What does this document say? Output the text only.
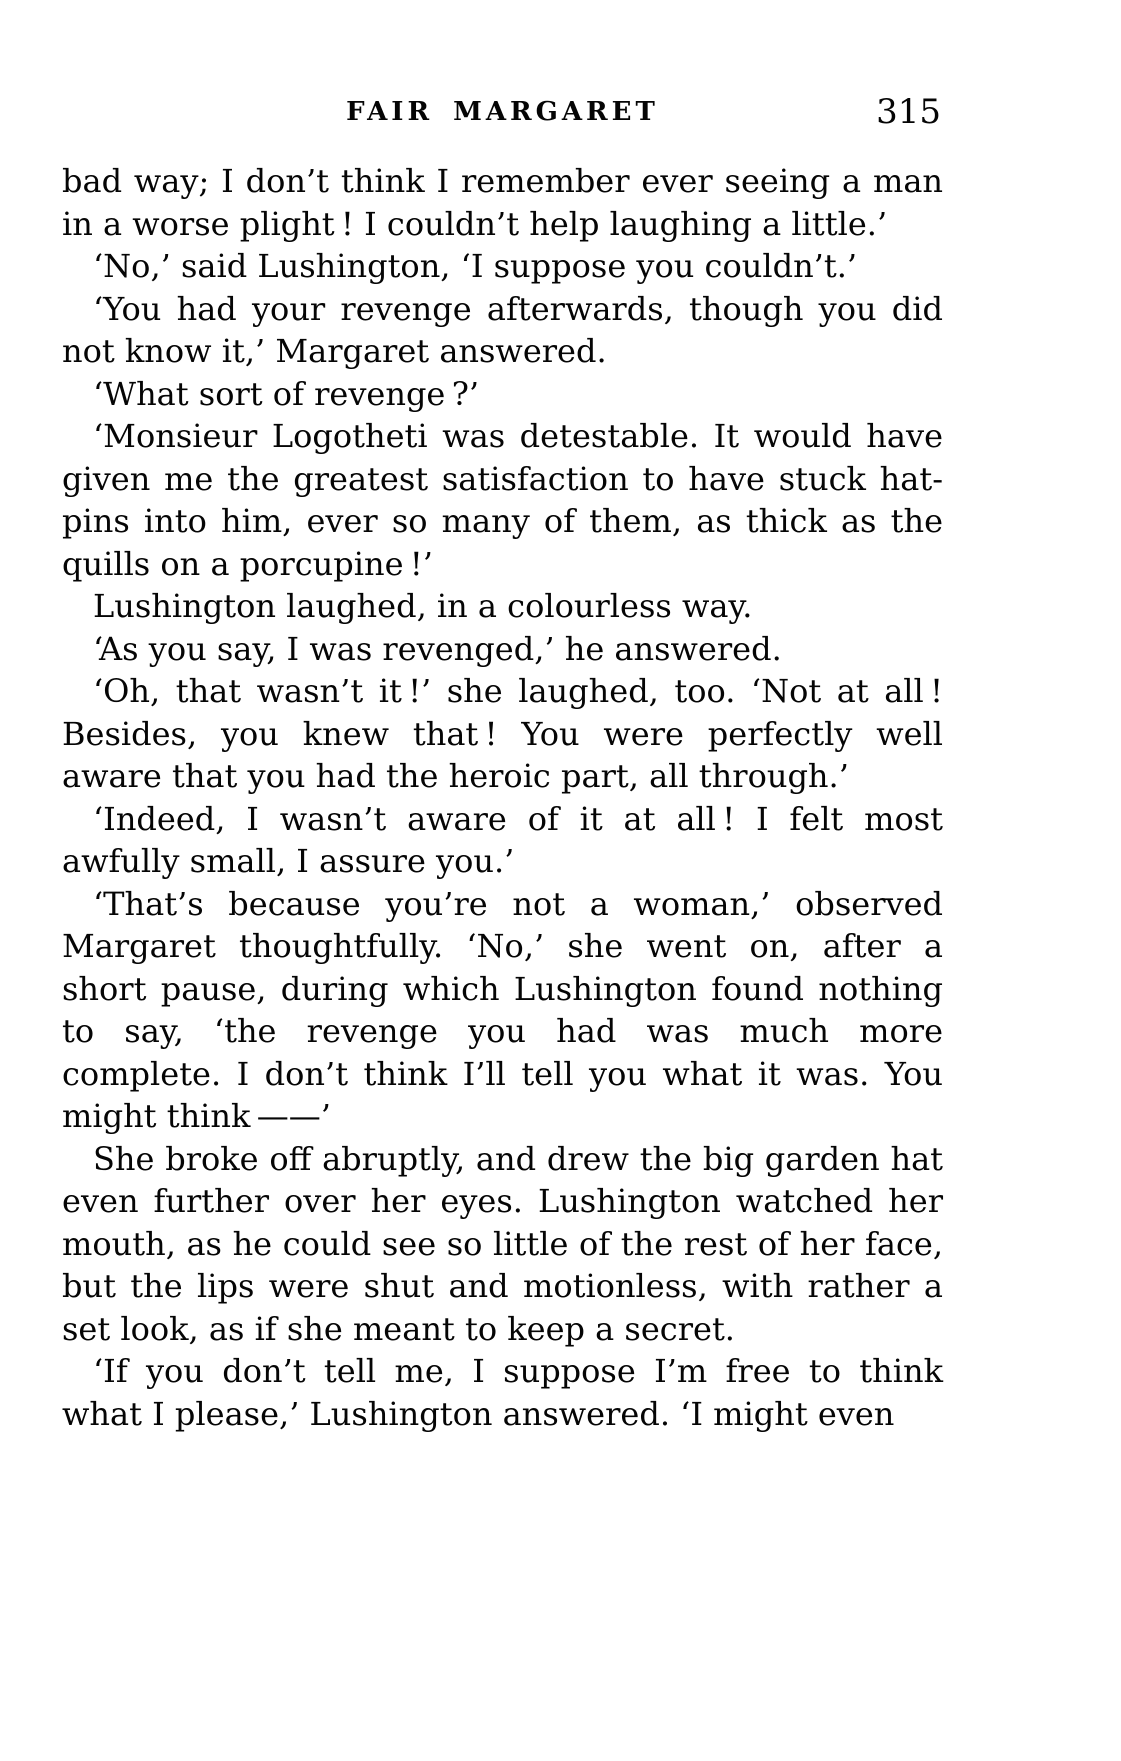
FAIR MARGARET	315

bad way; I don’t think I remember ever seeing a man in a worse plight ! I couldn’t help laughing a little.’

‘No,’ said Lushington, ‘I suppose you couldn’t.’

‘You had your revenge afterwards, though you did not know it,’ Margaret answered.

‘What sort of revenge ?’

‘Monsieur Logotheti was detestable. It would have given me the greatest satisfaction to have stuck hat-pins into him, ever so many of them, as thick as the quills on a porcupine !’

Lushington laughed, in a colourless way.

‘As you say, I was revenged,’ he answered.

‘Oh, that wasn’t it !’ she laughed, too. ‘Not at all ! Besides, you knew that ! You were perfectly well aware that you had the heroic part, all through.’

‘Indeed, I wasn’t aware of it at all ! I felt most awfully small, I assure you.’

‘That’s because you’re not a woman,’ observed Margaret thoughtfully. ‘No,’ she went on, after a short pause, during which Lushington found nothing to say, ‘the revenge you had was much more complete. I don’t think I’ll tell you what it was. You might think ——’

She broke off abruptly, and drew the big garden hat even further over her eyes. Lushington watched her mouth, as he could see so little of the rest of her face, but the lips were shut and motionless, with rather a set look, as if she meant to keep a secret.

‘If you don’t tell me, I suppose I’m free to think what I please,’ Lushington answered. ‘I might even
